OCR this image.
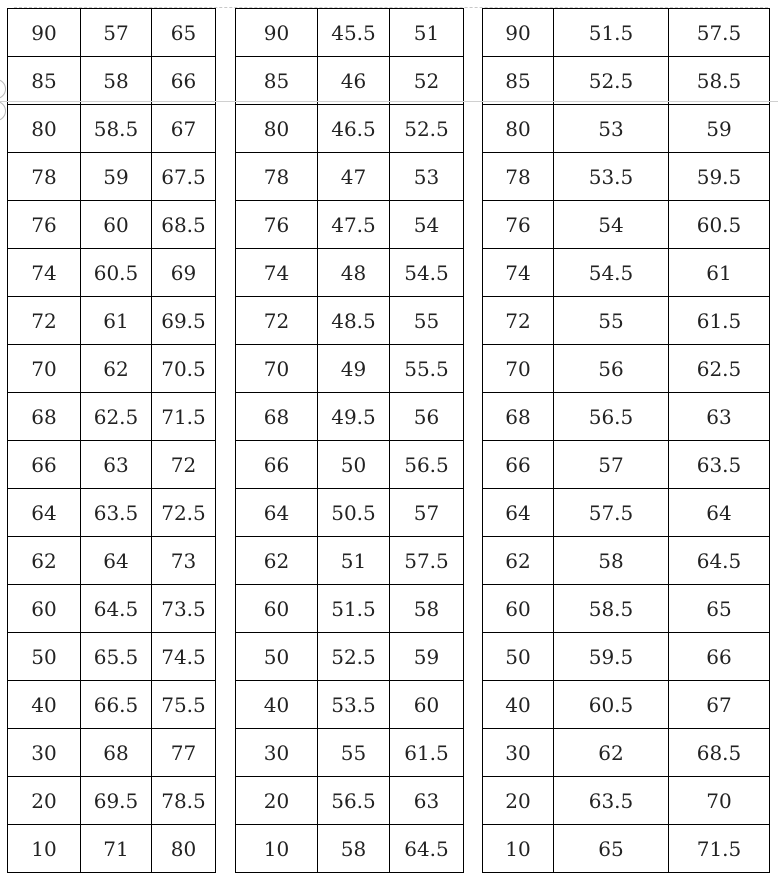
90	57	65
85	58	66
80	58.5	67
78	59	67.5
76	60	68.5
74	60.5	69
72	61	69.5
70	62	70.5
68	62.5	71.5
66	63	72
64	63.5	72.5
62	64	73
60	64.5	73.5
50	65.5	74.5
40	66.5	75.5
30	68	77
20	69.5	78.5
10	71	80
90	45.5	51
85	46	52
80	46.5	52.5
78	47	53
76	47.5	54
74	48	54.5
72	48.5	55
70	49	55.5
68	49.5	56
66	50	56.5
64	50.5	57
62	51	57.5
60	51.5	58
50	52.5	59
40	53.5	60
30	55	61.5
20	56.5	63
10	58	64.5
90	51.5	57.5
85	52.5	58.5
80	53	59
78	53.5	59.5
76	54	60.5
74	54.5	61
72	55	61.5
70	56	62.5
68	56.5	63
66	57	63.5
64	57.5	64
62	58	64.5
60	58.5	65
50	59.5	66
40	60.5	67
30	62	68.5
20	63.5	70
10	65	71.5
